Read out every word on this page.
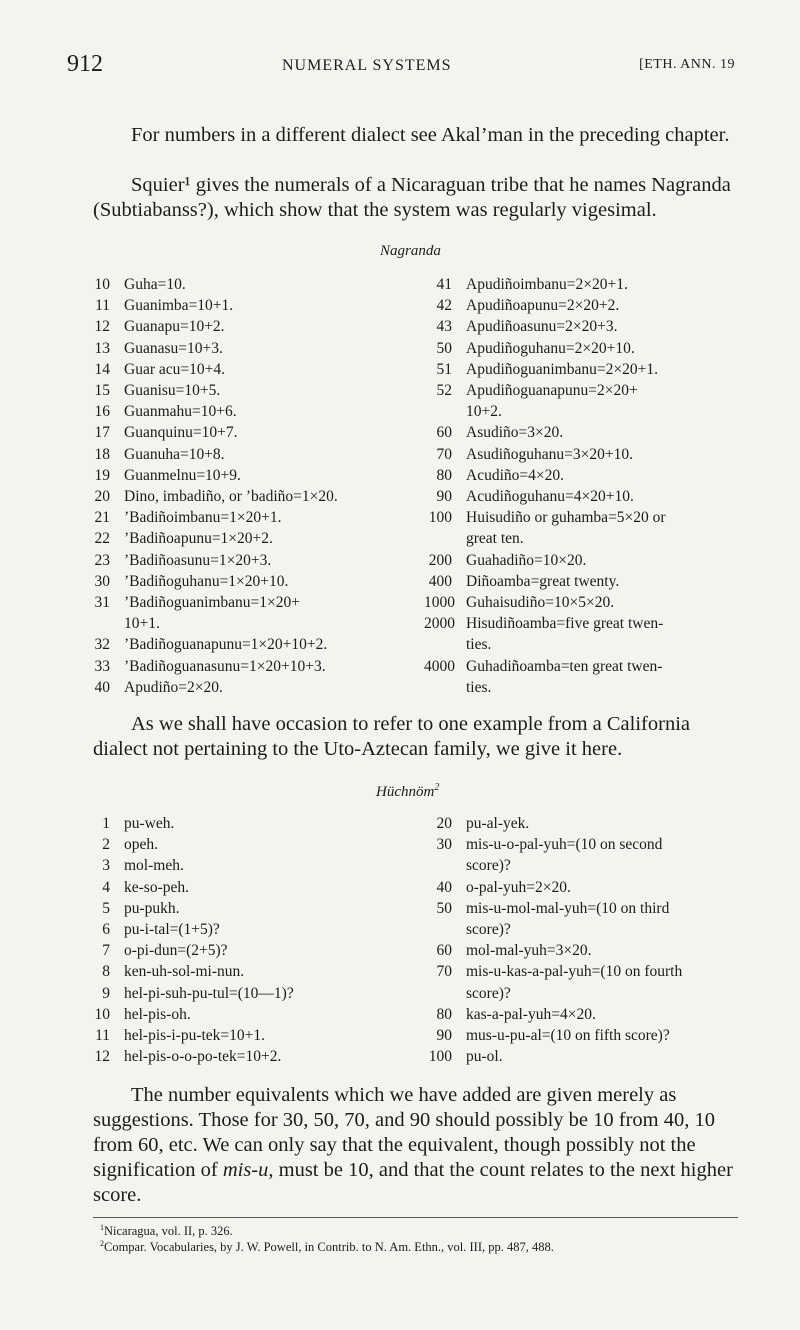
912	NUMERAL SYSTEMS	[ETH. ANN. 19
For numbers in a different dialect see Akal’man in the preceding chapter.
Squier¹ gives the numerals of a Nicaraguan tribe that he names Nagranda (Subtiabanss?), which show that the system was regularly vigesimal.
Nagranda
10 Guha=10.
11 Guanimba=10+1.
12 Guanapu=10+2.
13 Guanasu=10+3.
14 Guar acu=10+4.
15 Guanisu=10+5.
16 Guanmahu=10+6.
17 Guanquinu=10+7.
18 Guanuha=10+8.
19 Guanmelnu=10+9.
20 Dino, imbadiño, or ’badiño=1×20.
21 ’Badiñoimbanu=1×20+1.
22 ’Badiñoapunu=1×20+2.
23 ’Badiñoasunu=1×20+3.
30 ’Badiñoguhanu=1×20+10.
31 ’Badiñoguanimbanu=1×20+
10+1.
32 ’Badiñoguanapunu=1×20+10+2.
33 ’Badiñoguanasunu=1×20+10+3.
40 Apudiño=2×20.
41 Apudiñoimbanu=2×20+1.
42 Apudiñoapunu=2×20+2.
43 Apudiñoasunu=2×20+3.
50 Apudiñoguhanu=2×20+10.
51 Apudiñoguanimbanu=2×20+1.
52 Apudiñoguanapunu=2×20+
10+2.
60 Asudiño=3×20.
70 Asudiñoguhanu=3×20+10.
80 Acudiño=4×20.
90 Acudiñoguhanu=4×20+10.
100 Huisudiño or guhamba=5×20 or
great ten.
200 Guahadiño=10×20.
400 Diñoamba=great twenty.
1000 Guhaisudiño=10×5×20.
2000 Hisudiñoamba=five great twen-
ties.
4000 Guhadiñoamba=ten great twen-
ties.
As we shall have occasion to refer to one example from a California dialect not pertaining to the Uto-Aztecan family, we give it here.
Hüchnöm$^2$
1 pu-weh.
2 opeh.
3 mol-meh.
4 ke-so-peh.
5 pu-pukh.
6 pu-i-tal=(1+5)?
7 o-pi-dun=(2+5)?
8 ken-uh-sol-mi-nun.
9 hel-pi-suh-pu-tul=(10—1)?
10 hel-pis-oh.
11 hel-pis-i-pu-tek=10+1.
12 hel-pis-o-o-po-tek=10+2.
20 pu-al-yek.
30 mis-u-o-pal-yuh=(10 on second
score)?
40 o-pal-yuh=2×20.
50 mis-u-mol-mal-yuh=(10 on third
score)?
60 mol-mal-yuh=3×20.
70 mis-u-kas-a-pal-yuh=(10 on fourth
score)?
80 kas-a-pal-yuh=4×20.
90 mus-u-pu-al=(10 on fifth score)?
100 pu-ol.
The number equivalents which we have added are given merely as suggestions. Those for 30, 50, 70, and 90 should possibly be 10 from 40, 10 from 60, etc. We can only say that the equivalent, though possibly not the signification of mis-u, must be 10, and that the count relates to the next higher score.
$^1$Nicaragua, vol. II, p. 326.
$^2$Compar. Vocabularies, by J. W. Powell, in Contrib. to N. Am. Ethn., vol. III, pp. 487, 488.
